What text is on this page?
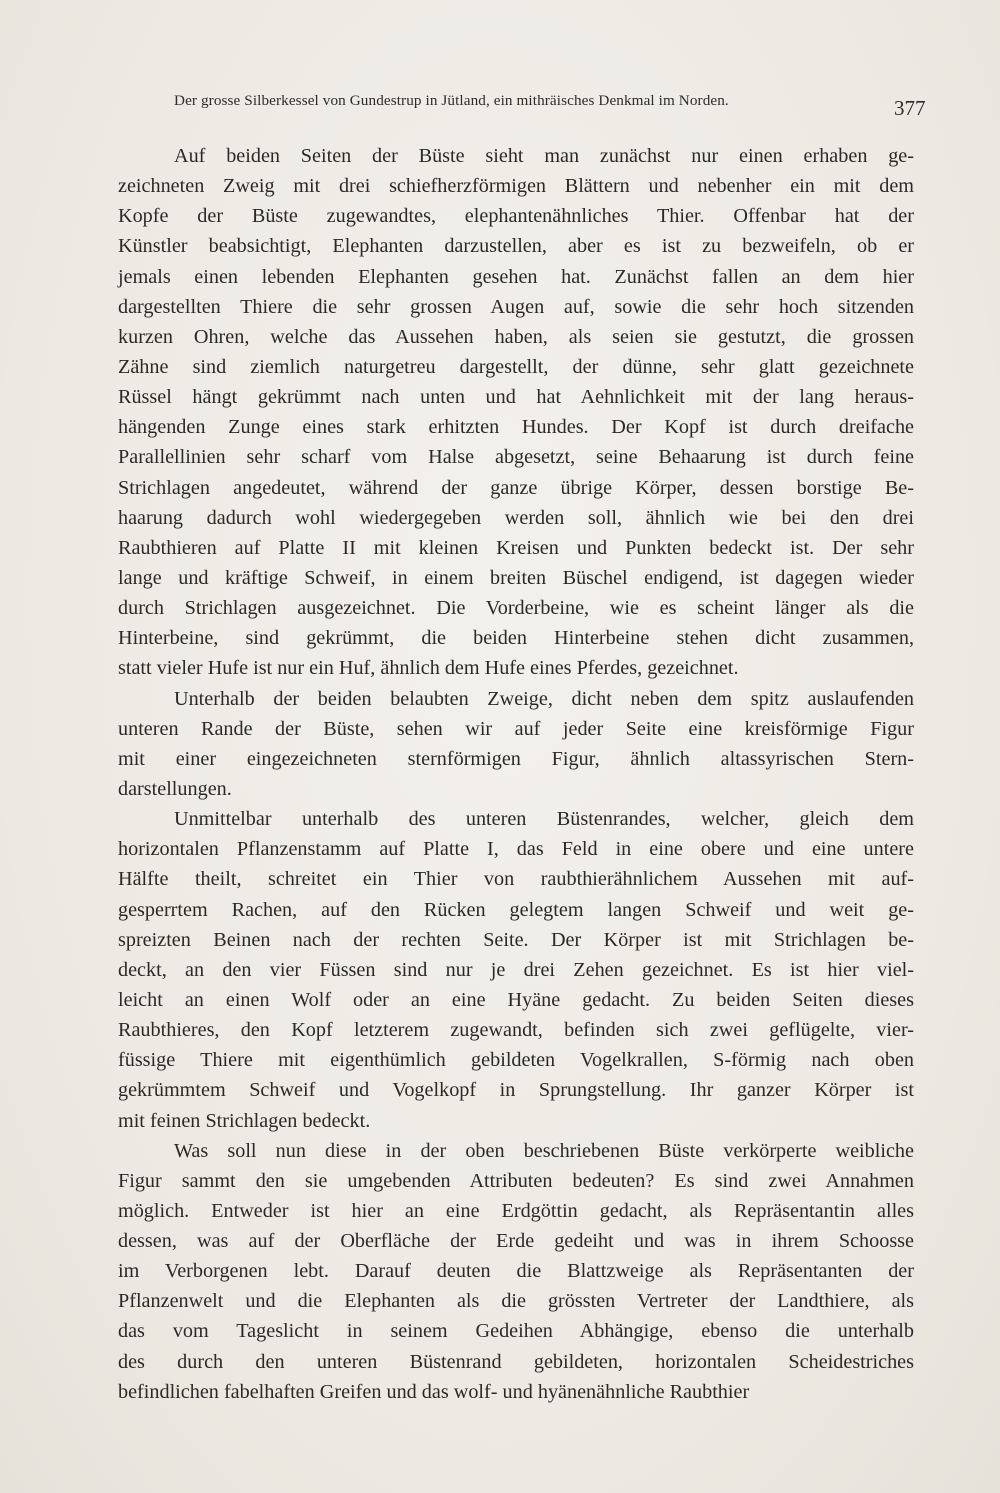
Der grosse Silberkessel von Gundestrup in Jütland, ein mithräisches Denkmal im Norden.	377
Auf beiden Seiten der Büste sieht man zunächst nur einen erhaben ge-
zeichneten Zweig mit drei schiefherzförmigen Blättern und nebenher ein mit dem
Kopfe der Büste zugewandtes, elephantenähnliches Thier. Offenbar hat der
Künstler beabsichtigt, Elephanten darzustellen, aber es ist zu bezweifeln, ob er
jemals einen lebenden Elephanten gesehen hat. Zunächst fallen an dem hier
dargestellten Thiere die sehr grossen Augen auf, sowie die sehr hoch sitzenden
kurzen Ohren, welche das Aussehen haben, als seien sie gestutzt, die grossen
Zähne sind ziemlich naturgetreu dargestellt, der dünne, sehr glatt gezeichnete
Rüssel hängt gekrümmt nach unten und hat Aehnlichkeit mit der lang heraus-
hängenden Zunge eines stark erhitzten Hundes. Der Kopf ist durch dreifache
Parallellinien sehr scharf vom Halse abgesetzt, seine Behaarung ist durch feine
Strichlagen angedeutet, während der ganze übrige Körper, dessen borstige Be-
haarung dadurch wohl wiedergegeben werden soll, ähnlich wie bei den drei
Raubthieren auf Platte II mit kleinen Kreisen und Punkten bedeckt ist. Der sehr
lange und kräftige Schweif, in einem breiten Büschel endigend, ist dagegen wieder
durch Strichlagen ausgezeichnet. Die Vorderbeine, wie es scheint länger als die
Hinterbeine, sind gekrümmt, die beiden Hinterbeine stehen dicht zusammen,
statt vieler Hufe ist nur ein Huf, ähnlich dem Hufe eines Pferdes, gezeichnet.
Unterhalb der beiden belaubten Zweige, dicht neben dem spitz auslaufenden
unteren Rande der Büste, sehen wir auf jeder Seite eine kreisförmige Figur
mit einer eingezeichneten sternförmigen Figur, ähnlich altassyrischen Stern-
darstellungen.
Unmittelbar unterhalb des unteren Büstenrandes, welcher, gleich dem
horizontalen Pflanzenstamm auf Platte I, das Feld in eine obere und eine untere
Hälfte theilt, schreitet ein Thier von raubthierähnlichem Aussehen mit auf-
gesperrtem Rachen, auf den Rücken gelegtem langen Schweif und weit ge-
spreizten Beinen nach der rechten Seite. Der Körper ist mit Strichlagen be-
deckt, an den vier Füssen sind nur je drei Zehen gezeichnet. Es ist hier viel-
leicht an einen Wolf oder an eine Hyäne gedacht. Zu beiden Seiten dieses
Raubthieres, den Kopf letzterem zugewandt, befinden sich zwei geflügelte, vier-
füssige Thiere mit eigenthümlich gebildeten Vogelkrallen, S-förmig nach oben
gekrümmtem Schweif und Vogelkopf in Sprungstellung. Ihr ganzer Körper ist
mit feinen Strichlagen bedeckt.
Was soll nun diese in der oben beschriebenen Büste verkörperte weibliche
Figur sammt den sie umgebenden Attributen bedeuten? Es sind zwei Annahmen
möglich. Entweder ist hier an eine Erdgöttin gedacht, als Repräsentantin alles
dessen, was auf der Oberfläche der Erde gedeiht und was in ihrem Schoosse
im Verborgenen lebt. Darauf deuten die Blattzweige als Repräsentanten der
Pflanzenwelt und die Elephanten als die grössten Vertreter der Landthiere, als
das vom Tageslicht in seinem Gedeihen Abhängige, ebenso die unterhalb
des durch den unteren Büstenrand gebildeten, horizontalen Scheidestriches
befindlichen fabelhaften Greifen und das wolf- und hyänenähnliche Raubthier
